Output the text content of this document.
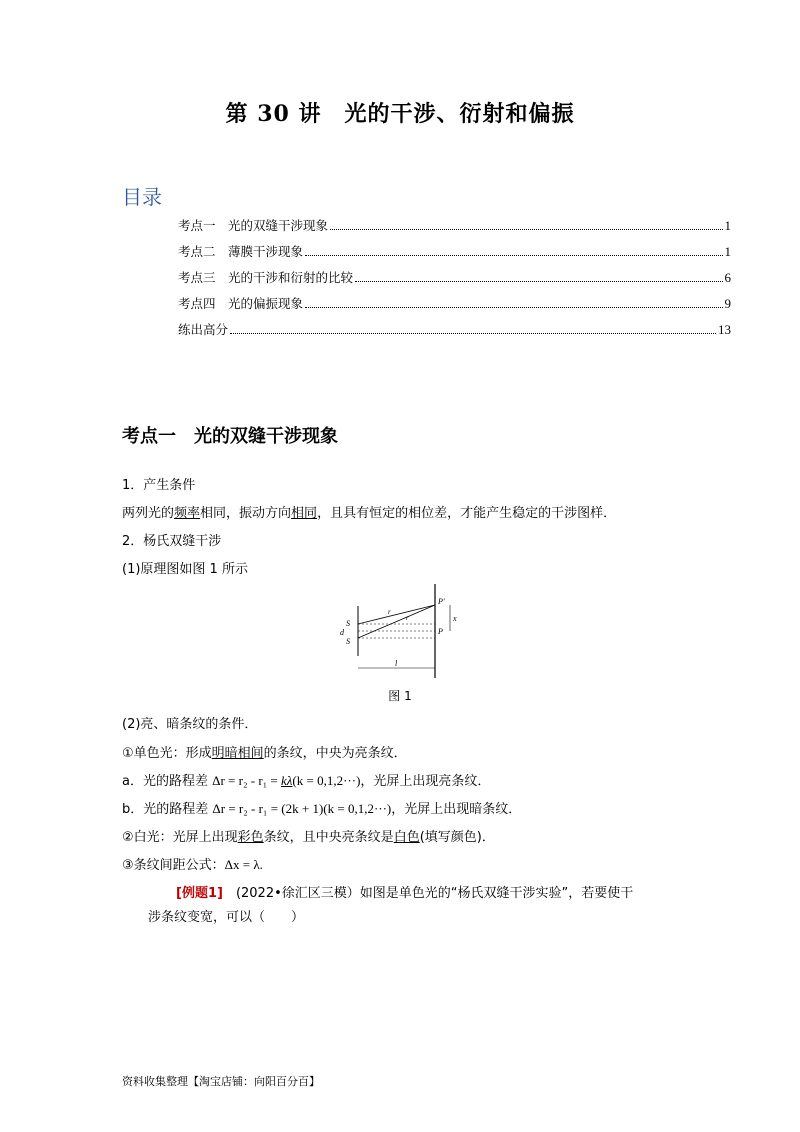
第 30 讲　光的干涉、衍射和偏振
目录
考点一　光的双缝干涉现象	1
考点二　薄膜干涉现象	1
考点三　光的干涉和衍射的比较	6
考点四　光的偏振现象	9
练出高分	13
考点一　光的双缝干涉现象
1．产生条件
两列光的频率相同，振动方向相同，且具有恒定的相位差，才能产生稳定的干涉图样．
2．杨氏双缝干涉
(1)原理图如图 1 所示
S
S
d
r
r
P′
P
x
l
图 1
(2)亮、暗条纹的条件．
①单色光：形成明暗相间的条纹，中央为亮条纹．
a．光的路程差 Δr = r₂ - r₁ = kλ(k = 0,1,2···)，光屏上出现亮条纹．
b．光的路程差 Δr = r₂ - r₁ = (2k + 1)(k = 0,1,2···)，光屏上出现暗条纹．
②白光：光屏上出现彩色条纹，且中央亮条纹是白色(填写颜色)．
③条纹间距公式：Δx = λ.
[例题1]　(2022•徐汇区三模）如图是单色光的“杨氏双缝干涉实验”，若要使干
涉条纹变宽，可以（　　）
资料收集整理【淘宝店铺：向阳百分百】
